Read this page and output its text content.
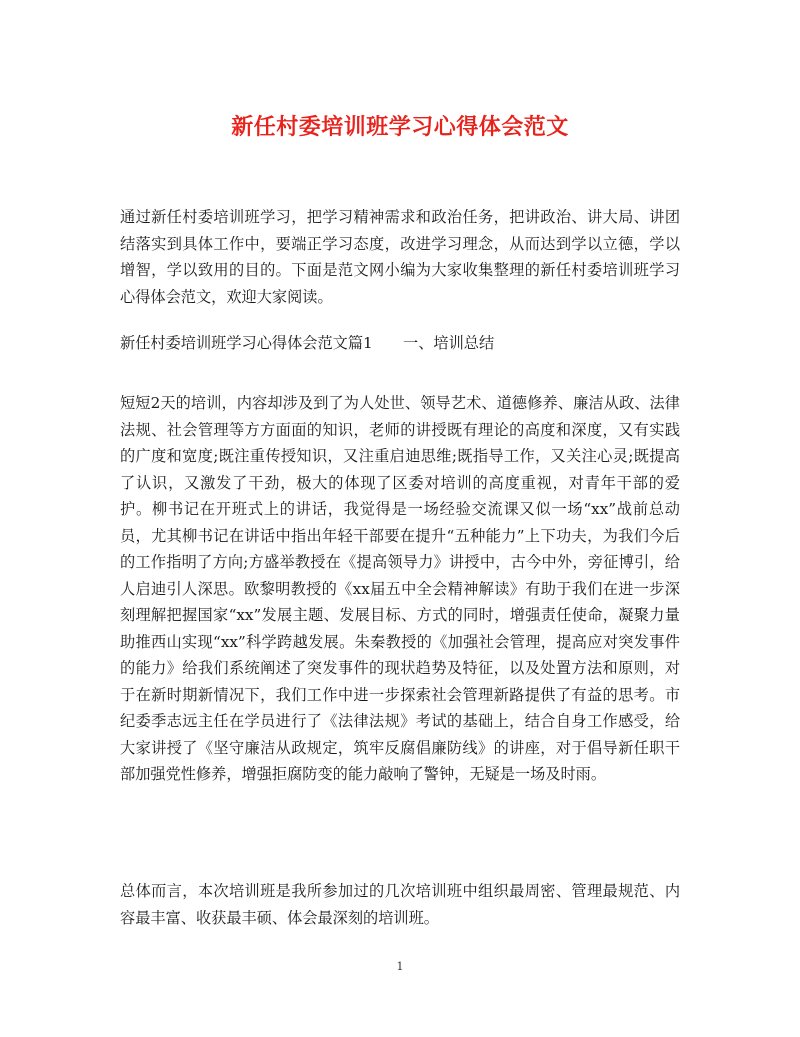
新任村委培训班学习心得体会范文

通过新任村委培训班学习，把学习精神需求和政治任务，把讲政治、讲大局、讲团结落实到具体工作中，要端正学习态度，改进学习理念，从而达到学以立德，学以增智，学以致用的目的。下面是范文网小编为大家收集整理的新任村委培训班学习心得体会范文，欢迎大家阅读。

新任村委培训班学习心得体会范文篇1　　一、培训总结

短短2天的培训，内容却涉及到了为人处世、领导艺术、道德修养、廉洁从政、法律法规、社会管理等方方面面的知识，老师的讲授既有理论的高度和深度，又有实践的广度和宽度;既注重传授知识，又注重启迪思维;既指导工作，又关注心灵;既提高了认识，又激发了干劲，极大的体现了区委对培训的高度重视，对青年干部的爱护。柳书记在开班式上的讲话，我觉得是一场经验交流课又似一场“xx”战前总动员，尤其柳书记在讲话中指出年轻干部要在提升“五种能力”上下功夫，为我们今后的工作指明了方向;方盛举教授在《提高领导力》讲授中，古今中外，旁征博引，给人启迪引人深思。欧黎明教授的《xx届五中全会精神解读》有助于我们在进一步深刻理解把握国家“xx”发展主题、发展目标、方式的同时，增强责任使命，凝聚力量助推西山实现“xx”科学跨越发展。朱秦教授的《加强社会管理，提高应对突发事件的能力》给我们系统阐述了突发事件的现状趋势及特征，以及处置方法和原则，对于在新时期新情况下，我们工作中进一步探索社会管理新路提供了有益的思考。市纪委季志远主任在学员进行了《法律法规》考试的基础上，结合自身工作感受，给大家讲授了《坚守廉洁从政规定，筑牢反腐倡廉防线》的讲座，对于倡导新任职干部加强党性修养，增强拒腐防变的能力敲响了警钟，无疑是一场及时雨。

总体而言，本次培训班是我所参加过的几次培训班中组织最周密、管理最规范、内容最丰富、收获最丰硕、体会最深刻的培训班。

1
